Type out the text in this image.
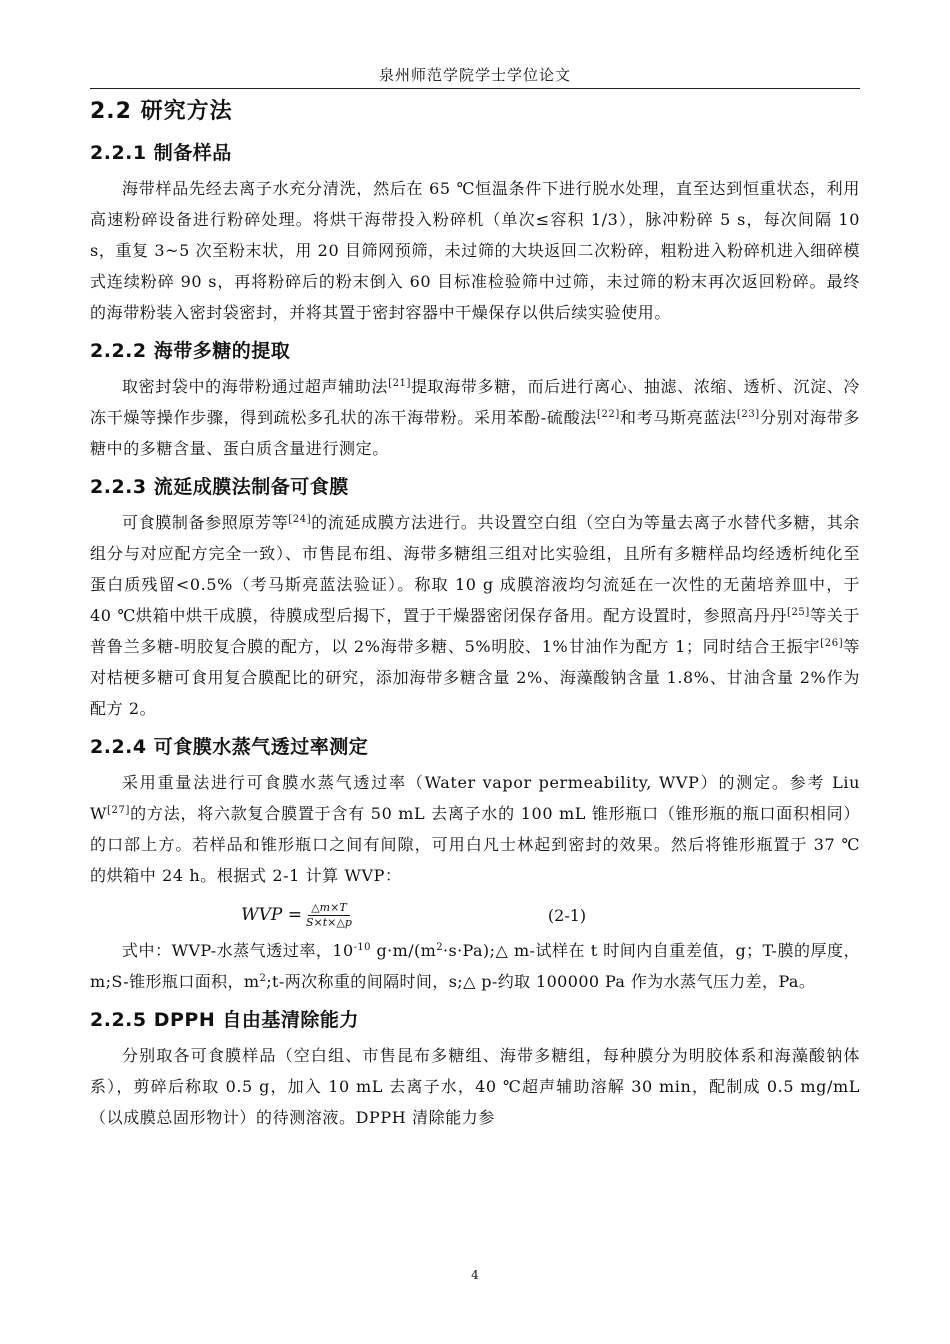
泉州师范学院学士学位论文
2.2 研究方法
2.2.1 制备样品

海带样品先经去离子水充分清洗，然后在 65 ℃恒温条件下进行脱水处理，直至达到恒重状态，利用高速粉碎设备进行粉碎处理。将烘干海带投入粉碎机（单次≤容积 1/3），脉冲粉碎 5 s，每次间隔 10 s，重复 3~5 次至粉末状，用 20 目筛网预筛，未过筛的大块返回二次粉碎，粗粉进入粉碎机进入细碎模式连续粉碎 90 s，再将粉碎后的粉末倒入 60 目标准检验筛中过筛，未过筛的粉末再次返回粉碎。最终的海带粉装入密封袋密封，并将其置于密封容器中干燥保存以供后续实验使用。

2.2.2 海带多糖的提取

取密封袋中的海带粉通过超声辅助法[21]提取海带多糖，而后进行离心、抽滤、浓缩、透析、沉淀、冷冻干燥等操作步骤，得到疏松多孔状的冻干海带粉。采用苯酚-硫酸法[22]和考马斯亮蓝法[23]分别对海带多糖中的多糖含量、蛋白质含量进行测定。

2.2.3 流延成膜法制备可食膜

可食膜制备参照原芳等[24]的流延成膜方法进行。共设置空白组（空白为等量去离子水替代多糖，其余组分与对应配方完全一致）、市售昆布组、海带多糖组三组对比实验组，且所有多糖样品均经透析纯化至蛋白质残留<0.5%（考马斯亮蓝法验证）。称取 10 g 成膜溶液均匀流延在一次性的无菌培养皿中，于 40 ℃烘箱中烘干成膜，待膜成型后揭下，置于干燥器密闭保存备用。配方设置时，参照高丹丹[25]等关于普鲁兰多糖-明胶复合膜的配方，以 2%海带多糖、5%明胶、1%甘油作为配方 1；同时结合王振宇[26]等对桔梗多糖可食用复合膜配比的研究，添加海带多糖含量 2%、海藻酸钠含量 1.8%、甘油含量 2%作为配方 2。

2.2.4 可食膜水蒸气透过率测定

采用重量法进行可食膜水蒸气透过率（Water vapor permeability, WVP）的测定。参考 Liu W[27]的方法，将六款复合膜置于含有 50 mL 去离子水的 100 mL 锥形瓶口（锥形瓶的瓶口面积相同）的口部上方。若样品和锥形瓶口之间有间隙，可用白凡士林起到密封的效果。然后将锥形瓶置于 37 ℃ 的烘箱中 24 h。根据式 2-1 计算 WVP：

WVP = $\frac{\triangle m\times T}{S\times t\times\triangle p}$	(2-1)

式中：WVP-水蒸气透过率，$10^{-10}$ $g\cdot m/(m^2\cdot s\cdot Pa);\triangle$ m-试样在 t 时间内自重差值，g；T-膜的厚度，m;S-锥形瓶口面积，$m^2;t-$两次称重的间隔时间，s;△ p-约取 100000 Pa 作为水蒸气压力差，Pa。

2.2.5 DPPH 自由基清除能力

分别取各可食膜样品（空白组、市售昆布多糖组、海带多糖组，每种膜分为明胶体系和海藻酸钠体系），剪碎后称取 0.5 g，加入 10 mL 去离子水，40 ℃超声辅助溶解 30 min，配制成 0.5 mg/mL（以成膜总固形物计）的待测溶液。DPPH 清除能力参

4
